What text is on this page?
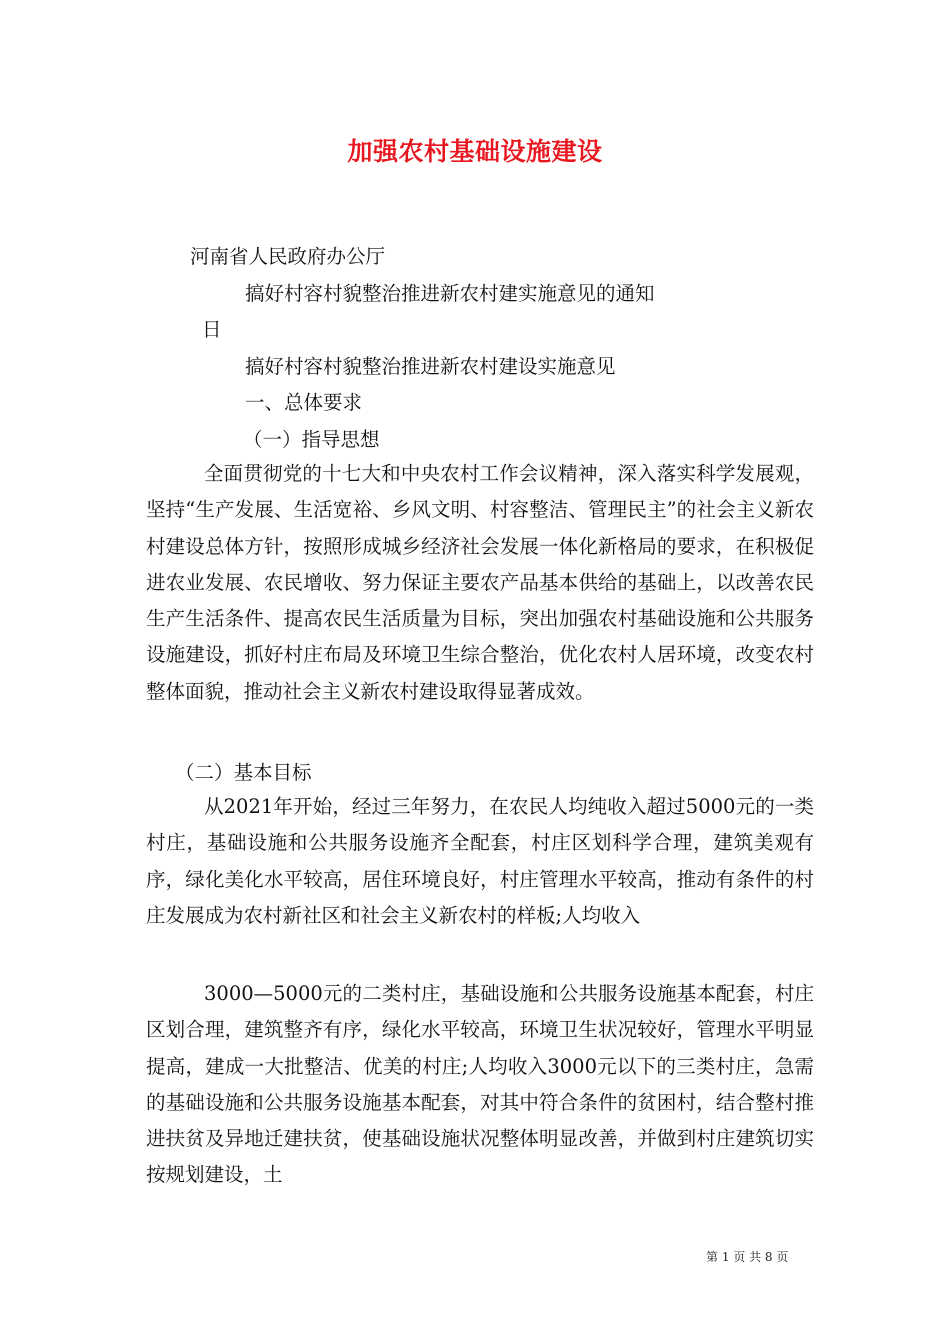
加强农村基础设施建设
河南省人民政府办公厅
搞好村容村貌整治推进新农村建实施意见的通知
日
搞好村容村貌整治推进新农村建设实施意见
一、总体要求
（一）指导思想
全面贯彻党的十七大和中央农村工作会议精神，深入落实科学发展观，坚持“生产发展、生活宽裕、乡风文明、村容整洁、管理民主”的社会主义新农村建设总体方针，按照形成城乡经济社会发展一体化新格局的要求，在积极促进农业发展、农民增收、努力保证主要农产品基本供给的基础上，以改善农民生产生活条件、提高农民生活质量为目标，突出加强农村基础设施和公共服务设施建设，抓好村庄布局及环境卫生综合整治，优化农村人居环境，改变农村整体面貌，推动社会主义新农村建设取得显著成效。
（二）基本目标
从2021年开始，经过三年努力，在农民人均纯收入超过5000元的一类村庄，基础设施和公共服务设施齐全配套，村庄区划科学合理，建筑美观有序，绿化美化水平较高，居住环境良好，村庄管理水平较高，推动有条件的村庄发展成为农村新社区和社会主义新农村的样板;人均收入
3000—5000元的二类村庄，基础设施和公共服务设施基本配套，村庄区划合理，建筑整齐有序，绿化水平较高，环境卫生状况较好，管理水平明显提高，建成一大批整洁、优美的村庄;人均收入3000元以下的三类村庄，急需的基础设施和公共服务设施基本配套，对其中符合条件的贫困村，结合整村推进扶贫及异地迁建扶贫，使基础设施状况整体明显改善，并做到村庄建筑切实按规划建设，土
第 1 页 共 8 页
